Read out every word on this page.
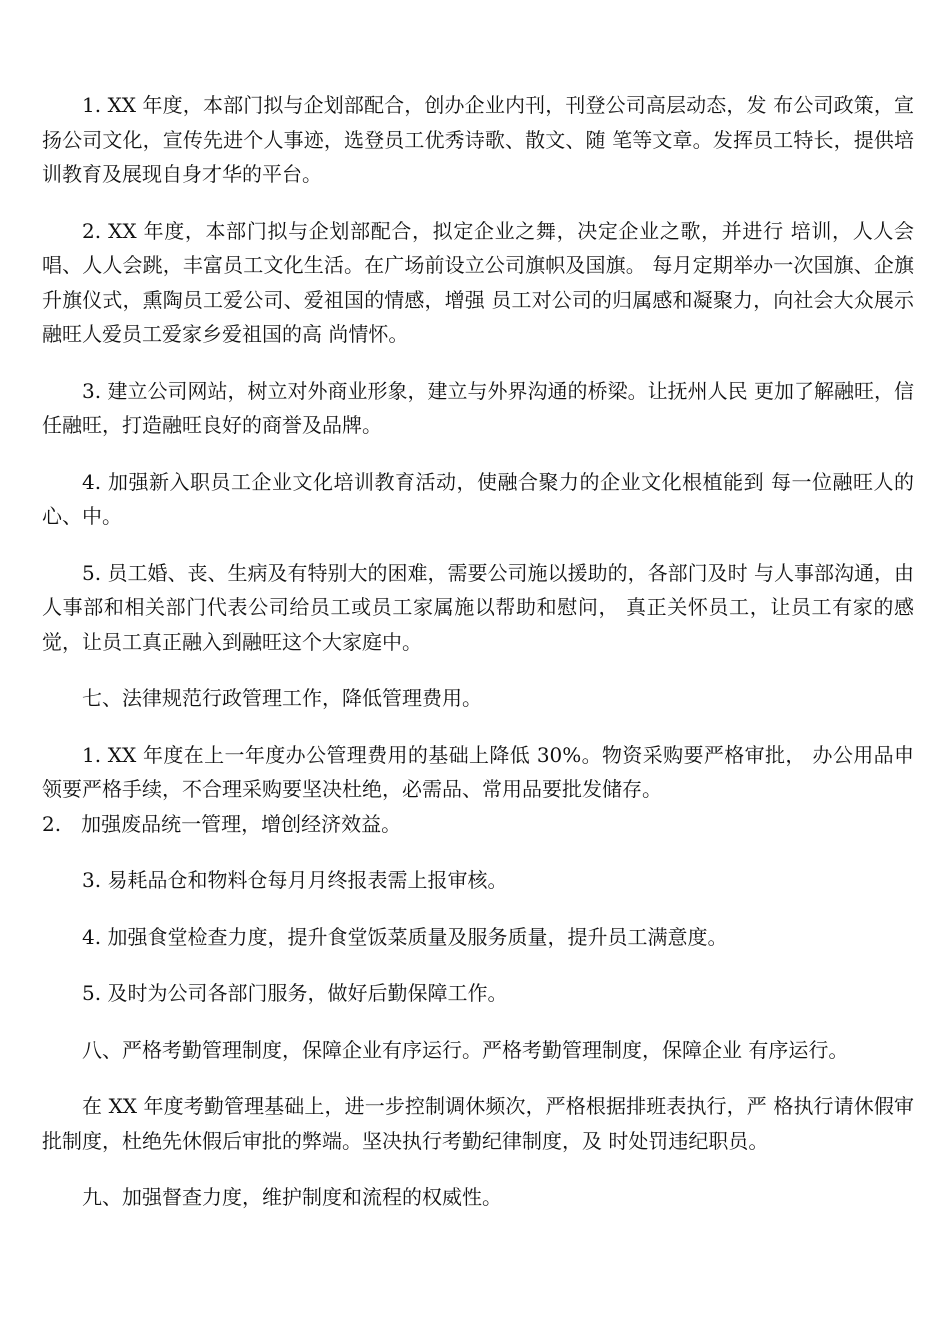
1. XX 年度，本部门拟与企划部配合，创办企业内刊，刊登公司高层动态，发 布公司政策，宣扬公司文化，宣传先进个人事迹，选登员工优秀诗歌、散文、随 笔等文章。发挥员工特长，提供培训教育及展现自身才华的平台。

2. XX 年度，本部门拟与企划部配合，拟定企业之舞，决定企业之歌，并进行 培训，人人会唱、人人会跳，丰富员工文化生活。在广场前设立公司旗帜及国旗。 每月定期举办一次国旗、企旗升旗仪式，熏陶员工爱公司、爱祖国的情感，增强 员工对公司的归属感和凝聚力，向社会大众展示融旺人爱员工爱家乡爱祖国的高 尚情怀。

3. 建立公司网站，树立对外商业形象，建立与外界沟通的桥梁。让抚州人民 更加了解融旺，信任融旺，打造融旺良好的商誉及品牌。

4. 加强新入职员工企业文化培训教育活动，使融合聚力的企业文化根植能到 每一位融旺人的心、中。

5. 员工婚、丧、生病及有特别大的困难，需要公司施以援助的，各部门及时 与人事部沟通，由人事部和相关部门代表公司给员工或员工家属施以帮助和慰问， 真正关怀员工，让员工有家的感觉，让员工真正融入到融旺这个大家庭中。

七、法律规范行政管理工作，降低管理费用。

1. XX 年度在上一年度办公管理费用的基础上降低 30%。物资采购要严格审批， 办公用品申领要严格手续，不合理采购要坚决杜绝，必需品、常用品要批发储存。

2.　加强废品统一管理，增创经济效益。

3. 易耗品仓和物料仓每月月终报表需上报审核。

4. 加强食堂检查力度，提升食堂饭菜质量及服务质量，提升员工满意度。

5. 及时为公司各部门服务，做好后勤保障工作。

八、严格考勤管理制度，保障企业有序运行。严格考勤管理制度，保障企业 有序运行。

在 XX 年度考勤管理基础上，进一步控制调休频次，严格根据排班表执行，严 格执行请休假审批制度，杜绝先休假后审批的弊端。坚决执行考勤纪律制度，及 时处罚违纪职员。

九、加强督查力度，维护制度和流程的权威性。
